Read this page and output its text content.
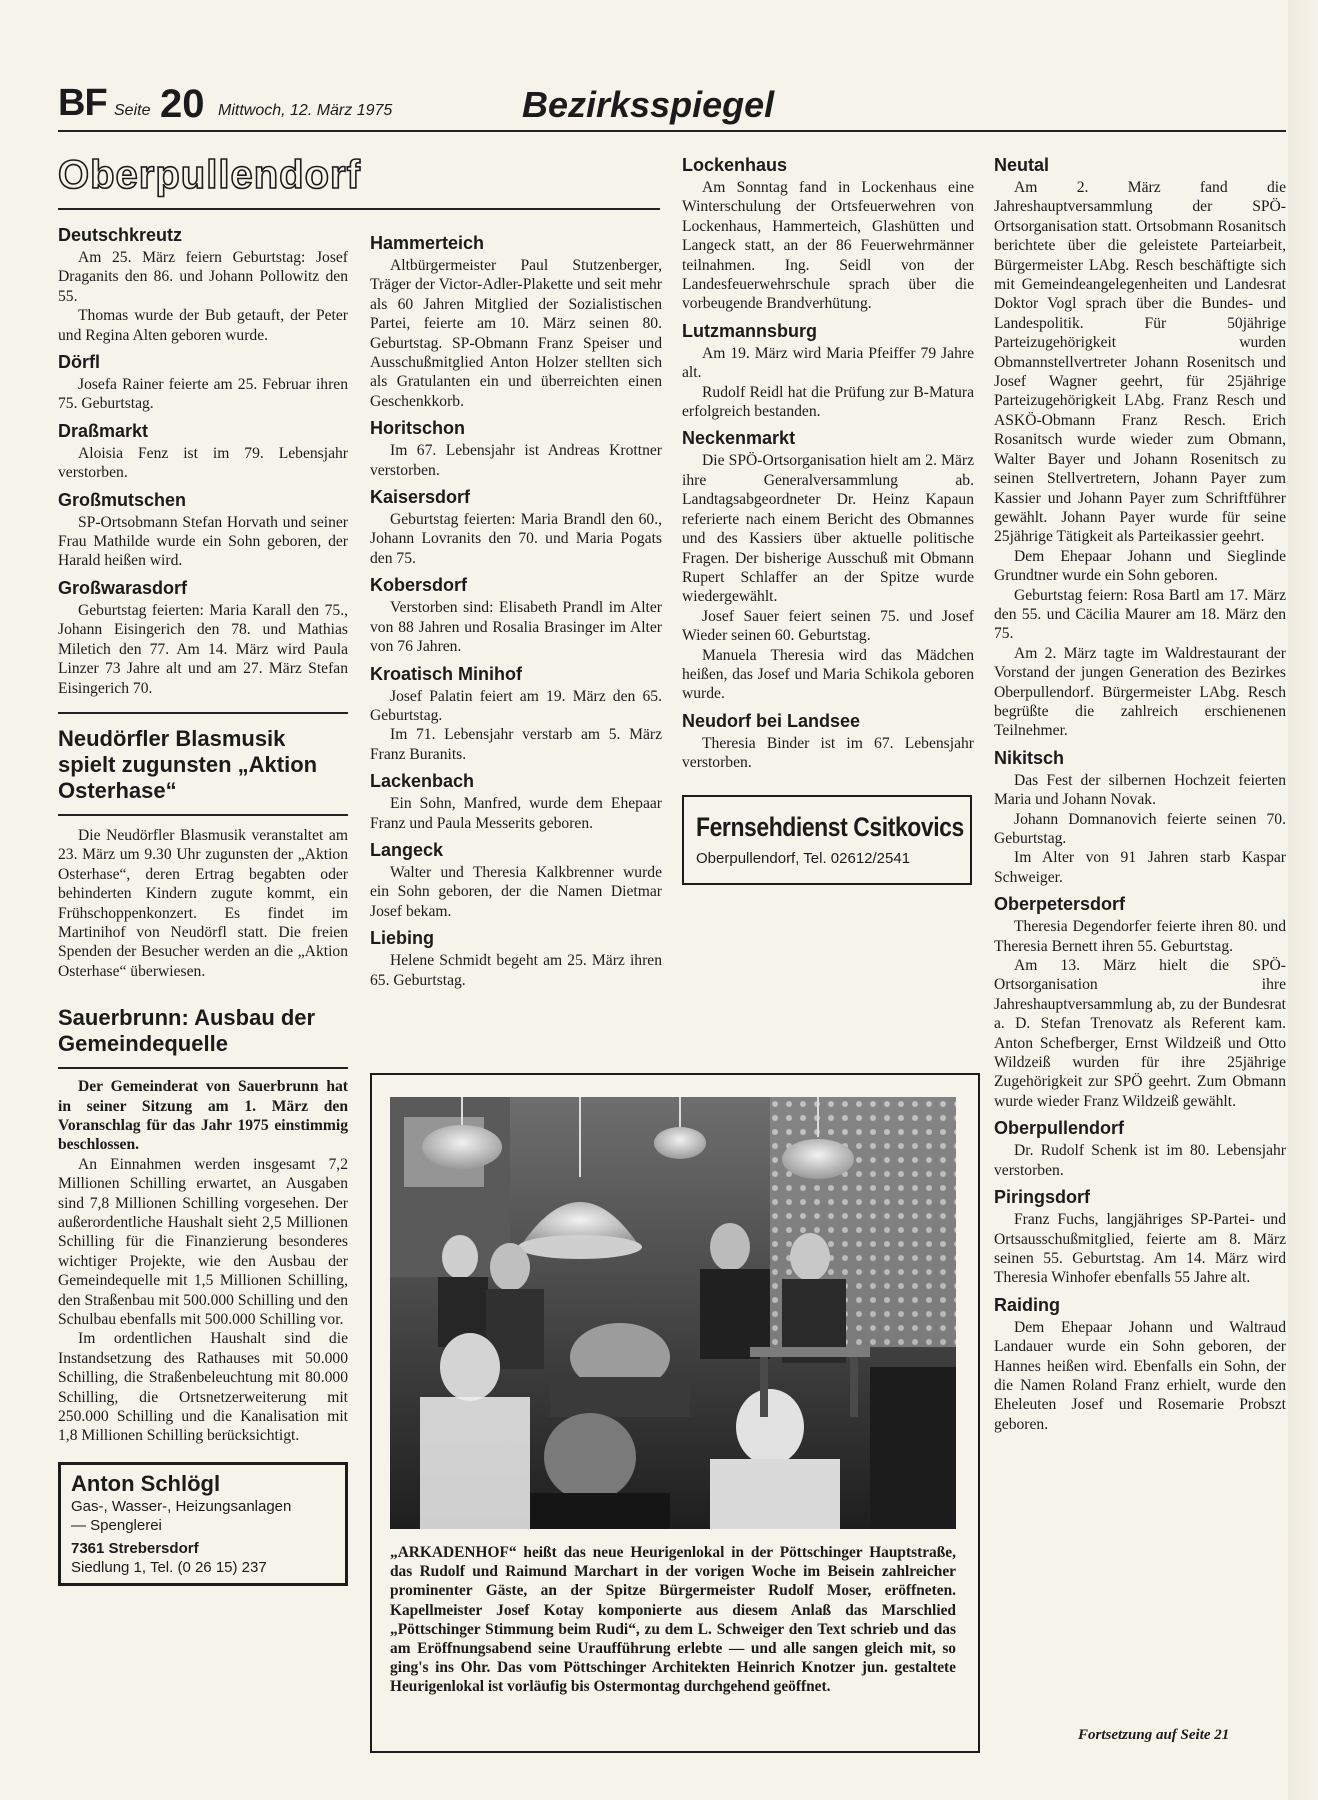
BF Seite 20 Mittwoch, 12. März 1975	Bezirksspiegel
Oberpullendorf
Deutschkreutz

Am 25. März feiern Geburtstag: Josef Draganits den 86. und Johann Pollowitz den 55.

Thomas wurde der Bub getauft, der Peter und Regina Alten geboren wurde.

Dörfl

Josefa Rainer feierte am 25. Februar ihren 75. Geburtstag.

Draßmarkt

Aloisia Fenz ist im 79. Lebensjahr verstorben.

Großmutschen

SP-Ortsobmann Stefan Horvath und seiner Frau Mathilde wurde ein Sohn geboren, der Harald heißen wird.

Großwarasdorf

Geburtstag feierten: Maria Karall den 75., Johann Eisingerich den 78. und Mathias Miletich den 77. Am 14. März wird Paula Linzer 73 Jahre alt und am 27. März Stefan Eisingerich 70.

Neudörfler Blasmusik spielt zugunsten „Aktion Osterhase“

Die Neudörfler Blasmusik veranstaltet am 23. März um 9.30 Uhr zugunsten der „Aktion Osterhase“, deren Ertrag begabten oder behinderten Kindern zugute kommt, ein Frühschoppenkonzert. Es findet im Martinihof von Neudörfl statt. Die freien Spenden der Besucher werden an die „Aktion Osterhase“ überwiesen.

Sauerbrunn: Ausbau der Gemeindequelle

Der Gemeinderat von Sauerbrunn hat in seiner Sitzung am 1. März den Voranschlag für das Jahr 1975 einstimmig beschlossen.

An Einnahmen werden insgesamt 7,2 Millionen Schilling erwartet, an Ausgaben sind 7,8 Millionen Schilling vorgesehen. Der außerordentliche Haushalt sieht 2,5 Millionen Schilling für die Finanzierung besonderes wichtiger Projekte, wie den Ausbau der Gemeindequelle mit 1,5 Millionen Schilling, den Straßenbau mit 500.000 Schilling und den Schulbau ebenfalls mit 500.000 Schilling vor.

Im ordentlichen Haushalt sind die Instandsetzung des Rathauses mit 50.000 Schilling, die Straßenbeleuchtung mit 80.000 Schilling, die Ortsnetzerweiterung mit 250.000 Schilling und die Kanalisation mit 1,8 Millionen Schilling berücksichtigt.

Anton Schlögl
Gas-, Wasser-, Heizungsanlagen
— Spenglerei
7361 Strebersdorf
Siedlung 1, Tel. (0 26 15) 237
Hammerteich

Altbürgermeister Paul Stutzenberger, Träger der Victor-Adler-Plakette und seit mehr als 60 Jahren Mitglied der Sozialistischen Partei, feierte am 10. März seinen 80. Geburtstag. SP-Obmann Franz Speiser und Ausschußmitglied Anton Holzer stellten sich als Gratulanten ein und überreichten einen Geschenkkorb.

Horitschon

Im 67. Lebensjahr ist Andreas Krottner verstorben.

Kaisersdorf

Geburtstag feierten: Maria Brandl den 60., Johann Lovranits den 70. und Maria Pogats den 75.

Kobersdorf

Verstorben sind: Elisabeth Prandl im Alter von 88 Jahren und Rosalia Brasinger im Alter von 76 Jahren.

Kroatisch Minihof

Josef Palatin feiert am 19. März den 65. Geburtstag.

Im 71. Lebensjahr verstarb am 5. März Franz Buranits.

Lackenbach

Ein Sohn, Manfred, wurde dem Ehepaar Franz und Paula Messerits geboren.

Langeck

Walter und Theresia Kalkbrenner wurde ein Sohn geboren, der die Namen Dietmar Josef bekam.

Liebing

Helene Schmidt begeht am 25. März ihren 65. Geburtstag.

Lockenhaus

Am Sonntag fand in Lockenhaus eine Winterschulung der Ortsfeuerwehren von Lockenhaus, Hammerteich, Glashütten und Langeck statt, an der 86 Feuerwehrmänner teilnahmen. Ing. Seidl von der Landesfeuerwehrschule sprach über die vorbeugende Brandverhütung.

Lutzmannsburg

Am 19. März wird Maria Pfeiffer 79 Jahre alt.

Rudolf Reidl hat die Prüfung zur B-Matura erfolgreich bestanden.

Neckenmarkt

Die SPÖ-Ortsorganisation hielt am 2. März ihre Generalversammlung ab. Landtagsabgeordneter Dr. Heinz Kapaun referierte nach einem Bericht des Obmannes und des Kassiers über aktuelle politische Fragen. Der bisherige Ausschuß mit Obmann Rupert Schlaffer an der Spitze wurde wiedergewählt.

Josef Sauer feiert seinen 75. und Josef Wieder seinen 60. Geburtstag.

Manuela Theresia wird das Mädchen heißen, das Josef und Maria Schikola geboren wurde.

Neudorf bei Landsee

Theresia Binder ist im 67. Lebensjahr verstorben.

Fernsehdienst Csitkovics
Oberpullendorf, Tel. 02612/2541
„ARKADENHOF“ heißt das neue Heurigenlokal in der Pöttschinger Hauptstraße, das Rudolf und Raimund Marchart in der vorigen Woche im Beisein zahlreicher prominenter Gäste, an der Spitze Bürgermeister Rudolf Moser, eröffneten. Kapellmeister Josef Kotay komponierte aus diesem Anlaß das Marschlied „Pöttschinger Stimmung beim Rudi“, zu dem L. Schweiger den Text schrieb und das am Eröffnungsabend seine Uraufführung erlebte — und alle sangen gleich mit, so ging's ins Ohr. Das vom Pöttschinger Architekten Heinrich Knotzer jun. gestaltete Heurigenlokal ist vorläufig bis Ostermontag durchgehend geöffnet.
Neutal

Am 2. März fand die Jahreshauptversammlung der SPÖ-Ortsorganisation statt. Ortsobmann Rosanitsch berichtete über die geleistete Parteiarbeit, Bürgermeister LAbg. Resch beschäftigte sich mit Gemeindeangelegenheiten und Landesrat Doktor Vogl sprach über die Bundes- und Landespolitik. Für 50jährige Parteizugehörigkeit wurden Obmannstellvertreter Johann Rosenitsch und Josef Wagner geehrt, für 25jährige Parteizugehörigkeit LAbg. Franz Resch und ASKÖ-Obmann Franz Resch. Erich Rosanitsch wurde wieder zum Obmann, Walter Bayer und Johann Rosenitsch zu seinen Stellvertretern, Johann Payer zum Kassier und Johann Payer zum Schriftführer gewählt. Johann Payer wurde für seine 25jährige Tätigkeit als Parteikassier geehrt.

Dem Ehepaar Johann und Sieglinde Grundtner wurde ein Sohn geboren.

Geburtstag feiern: Rosa Bartl am 17. März den 55. und Cäcilia Maurer am 18. März den 75.

Am 2. März tagte im Waldrestaurant der Vorstand der jungen Generation des Bezirkes Oberpullendorf. Bürgermeister LAbg. Resch begrüßte die zahlreich erschienenen Teilnehmer.

Nikitsch

Das Fest der silbernen Hochzeit feierten Maria und Johann Novak.

Johann Domnanovich feierte seinen 70. Geburtstag.

Im Alter von 91 Jahren starb Kaspar Schweiger.

Oberpetersdorf

Theresia Degendorfer feierte ihren 80. und Theresia Bernett ihren 55. Geburtstag.

Am 13. März hielt die SPÖ-Ortsorganisation ihre Jahreshauptversammlung ab, zu der Bundesrat a. D. Stefan Trenovatz als Referent kam. Anton Schefberger, Ernst Wildzeiß und Otto Wildzeiß wurden für ihre 25jährige Zugehörigkeit zur SPÖ geehrt. Zum Obmann wurde wieder Franz Wildzeiß gewählt.

Oberpullendorf

Dr. Rudolf Schenk ist im 80. Lebensjahr verstorben.

Piringsdorf

Franz Fuchs, langjähriges SP-Partei- und Ortsausschußmitglied, feierte am 8. März seinen 55. Geburtstag. Am 14. März wird Theresia Winhofer ebenfalls 55 Jahre alt.

Raiding

Dem Ehepaar Johann und Waltraud Landauer wurde ein Sohn geboren, der Hannes heißen wird. Ebenfalls ein Sohn, der die Namen Roland Franz erhielt, wurde den Eheleuten Josef und Rosemarie Probszt geboren.

Fortsetzung auf Seite 21
